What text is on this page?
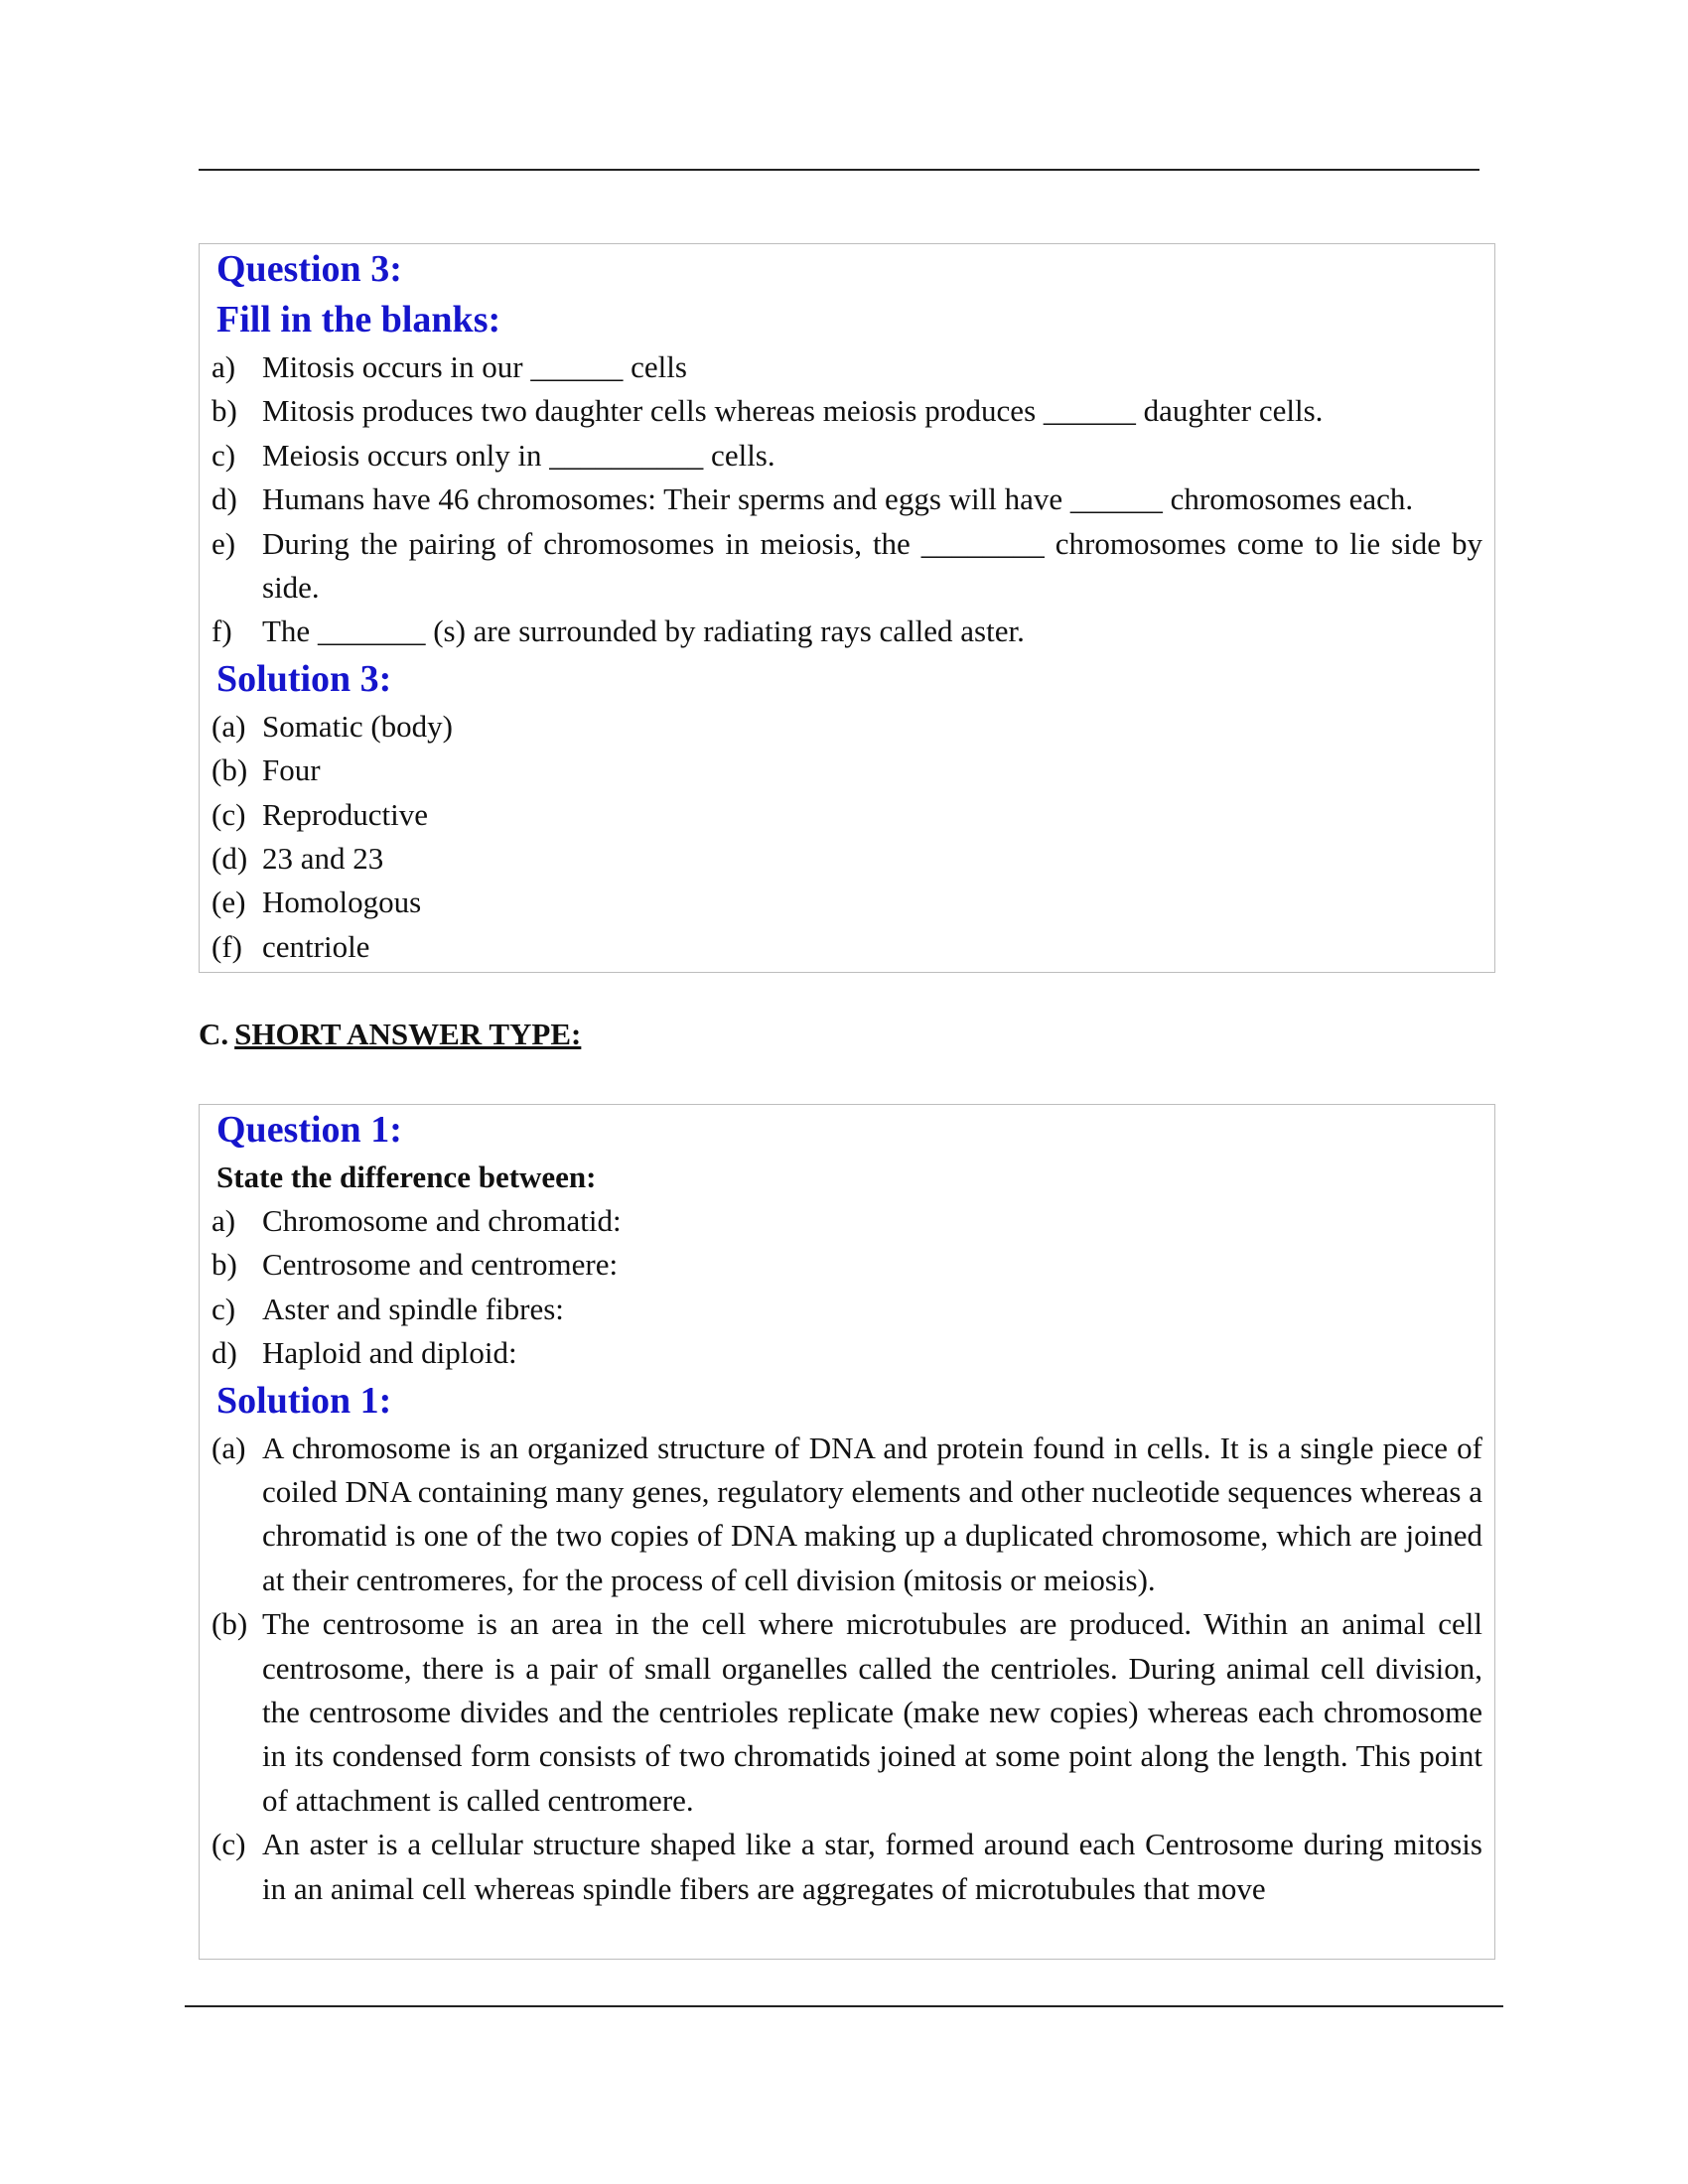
Question 3:
Fill in the blanks:
a) Mitosis occurs in our ______ cells
b) Mitosis produces two daughter cells whereas meiosis produces ______ daughter cells.
c) Meiosis occurs only in __________ cells.
d) Humans have 46 chromosomes: Their sperms and eggs will have ______ chromosomes each.
e) During the pairing of chromosomes in meiosis, the ________ chromosomes come to lie side by side.
f) The _______ (s) are surrounded by radiating rays called aster.
Solution 3:
(a) Somatic (body)
(b) Four
(c) Reproductive
(d) 23 and 23
(e) Homologous
(f) centriole
C. SHORT ANSWER TYPE:
Question 1:
State the difference between:
a) Chromosome and chromatid:
b) Centrosome and centromere:
c) Aster and spindle fibres:
d) Haploid and diploid:
Solution 1:
(a) A chromosome is an organized structure of DNA and protein found in cells. It is a single piece of coiled DNA containing many genes, regulatory elements and other nucleotide sequences whereas a chromatid is one of the two copies of DNA making up a duplicated chromosome, which are joined at their centromeres, for the process of cell division (mitosis or meiosis).
(b) The centrosome is an area in the cell where microtubules are produced. Within an animal cell centrosome, there is a pair of small organelles called the centrioles. During animal cell division, the centrosome divides and the centrioles replicate (make new copies) whereas each chromosome in its condensed form consists of two chromatids joined at some point along the length. This point of attachment is called centromere.
(c) An aster is a cellular structure shaped like a star, formed around each Centrosome during mitosis in an animal cell whereas spindle fibers are aggregates of microtubules that move
